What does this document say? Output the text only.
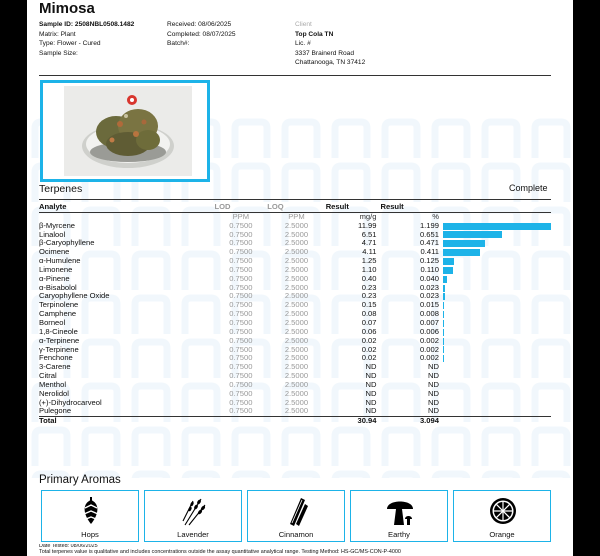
Mimosa
Sample ID: 2508NBL0508.1482
Matrix: Plant
Type: Flower - Cured
Sample Size:
Received: 08/06/2025
Completed: 08/07/2025
Batch#:
Client
Top Cola TN
Lic. #
3337 Brainerd Road
Chattanooga, TN 37412
Terpenes	Complete
Analyte	LOD	LOQ	Result	Result	
	PPM	PPM	mg/g	%	
β-Myrcene	0.7500	2.5000	11.99	1.199	

Linalool	0.7500	2.5000	6.51	0.651	

β-Caryophyllene	0.7500	2.5000	4.71	0.471	

Ocimene	0.7500	2.5000	4.11	0.411	

α-Humulene	0.7500	2.5000	1.25	0.125	

Limonene	0.7500	2.5000	1.10	0.110	

α-Pinene	0.7500	2.5000	0.40	0.040	

α-Bisabolol	0.7500	2.5000	0.23	0.023	

Caryophyllene Oxide	0.7500	2.5000	0.23	0.023	

Terpinolene	0.7500	2.5000	0.15	0.015	

Camphene	0.7500	2.5000	0.08	0.008	

Borneol	0.7500	2.5000	0.07	0.007	

1,8-Cineole	0.7500	2.5000	0.06	0.006	

α-Terpinene	0.7500	2.5000	0.02	0.002	

γ-Terpinene	0.7500	2.5000	0.02	0.002	

Fenchone	0.7500	2.5000	0.02	0.002	

3-Carene	0.7500	2.5000	ND	ND	
Citral	0.7500	2.5000	ND	ND	
Menthol	0.7500	2.5000	ND	ND	
Nerolidol	0.7500	2.5000	ND	ND	
(+)-Dihydrocarveol	0.7500	2.5000	ND	ND	
Pulegone	0.7500	2.5000	ND	ND	
Total			30.94	3.094	
Primary Aromas
Hops	Lavender	Cinnamon	Earthy	Orange
Date Tested: 08/06/2025
Total terpenes value is qualitative and includes concentrations outside the assay quantitative analytical range. Testing Method: HS-GC/MS-CON-P-4000
